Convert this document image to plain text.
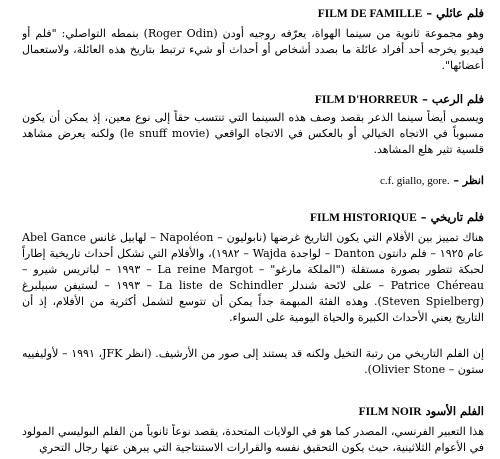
فلم عائلي – FILM DE FAMILLE
وهو مجموعة ثانوية من سينما الهواة، يعرّفه روجيه أودن (Roger Odin) بنمطه التواصلي: "فلم أو فيديو يخرجه أحد أفراد عائلة ما بصدد أشخاص أو أحداث أو شيء ترتبط بتاريخ هذه العائلة، ولاستعمال أعضائها".
فلم الرعب – FILM D'HORREUR
ويسمى أيضاً سينما الذعر بقصد وصف هذه السينما التي تنتسب حقاً إلى نوع معين، إذ يمكن أن يكون مسبوباً في الاتجاه الخيالي أو بالعكس في الاتجاه الواقعي (le snuff movie) ولكنه يعرض مشاهد قلسية تثير هلع المشاهد.
انظر – c.f. giallo, gore.
فلم تاريخي – FILM HISTORIQUE
هناك تمييز بين الأفلام التي يكون التاريخ غرضها (نابوليون – Napoléon – لهابيل غانس Abel Gance عام ١٩٢٥ – فلم دانتون Danton – لواجدة Wajda – ١٩٨٢)، والأفلام التي تشكل أحداث تاريخية إطاراً لحبكة تتطور بصورة مستقلة ("الملكة مارغو" – La reine Margot – ١٩٩٣ – لباتريس شيرو – Patrice Chéreau – على لائحة شندلر La liste de Schindler – ١٩٩٣ – لستيفن سبيلبرغ (Steven Spielberg). وهذه الفئة المبهمة جداً يمكن أن تتوسع لتشمل أكثرية من الأفلام، إذ أن التاريخ يعني الأحداث الكبيرة والحياة اليومية على السواء.
إن الفلم التاريخي من رتبة التخيل ولكنه قد يستند إلى صور من الأرشيف. (انظر JFK، ١٩٩١ – لأوليفييه ستون – Olivier Stone).
الفلم الأسود FILM NOIR
هذا التعبير الفرنسي، المصدر كما هو في الولايات المتحدة، يقصد نوعاً ثانوياً من الفلم البوليسي المولود في الأعوام الثلاثينية، حيث يكون التحقيق نفسه والقرارات الاستنتاجية التي يبرهن عنها رجال التحري
